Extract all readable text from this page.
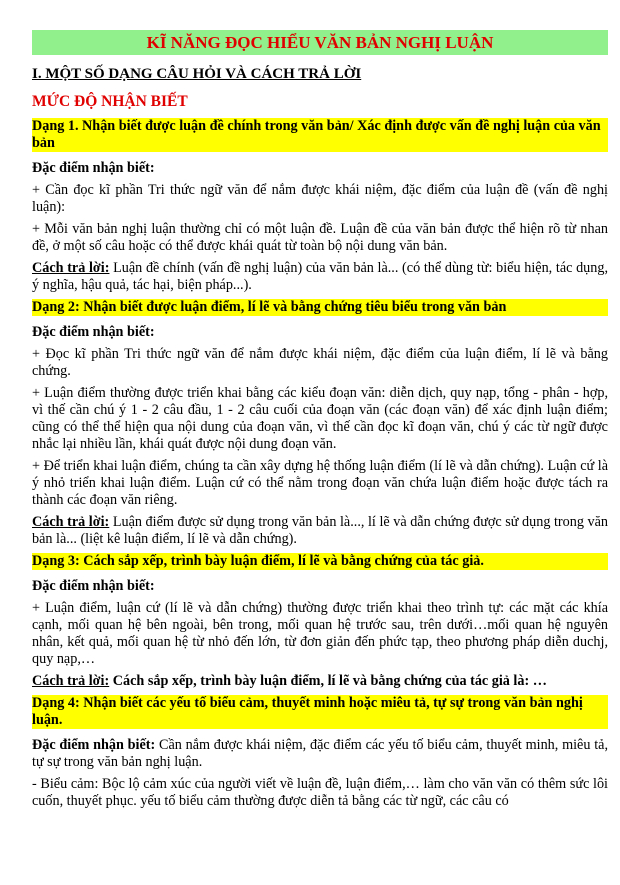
KĨ NĂNG ĐỌC HIỂU VĂN BẢN NGHỊ LUẬN
I. MỘT SỐ DẠNG CÂU HỎI VÀ CÁCH TRẢ LỜI
MỨC ĐỘ NHẬN BIẾT
Dạng 1. Nhận biết được luận đề chính trong văn bản/ Xác định được vấn đề nghị luận của văn bản
Đặc điểm nhận biết:
+ Cần đọc kĩ phần Tri thức ngữ văn để nắm được khái niệm, đặc điểm của luận đề (vấn đề nghị luận):
+ Mỗi văn bản nghị luận thường chỉ có một luận đề. Luận đề của văn bản được thể hiện rõ từ nhan đề, ở một số câu hoặc có thể được khái quát từ toàn bộ nội dung văn bản.
Cách trả lời: Luận đề chính (vấn đề nghị luận) của văn bản là... (có thể dùng từ: biểu hiện, tác dụng, ý nghĩa, hậu quả, tác hại, biện pháp...).
Dạng 2: Nhận biết được luận điểm, lí lẽ và bằng chứng tiêu biểu trong văn bản
Đặc điểm nhận biết:
+ Đọc kĩ phần Tri thức ngữ văn để nắm được khái niệm, đặc điểm của luận điểm, lí lẽ và bằng chứng.
+ Luận điểm thường được triển khai bằng các kiểu đoạn văn: diễn dịch, quy nạp, tổng - phân - hợp, vì thế cần chú ý 1 - 2 câu đầu, 1 - 2 câu cuối của đoạn văn (các đoạn văn) để xác định luận điểm; cũng có thể thể hiện qua nội dung của đoạn văn, vì thế cần đọc kĩ đoạn văn, chú ý các từ ngữ được nhắc lại nhiều lần, khái quát được nội dung đoạn văn.
+ Để triển khai luận điểm, chúng ta cần xây dựng hệ thống luận điểm (lí lẽ và dẫn chứng). Luận cứ là ý nhỏ triển khai luận điểm. Luận cứ có thể nằm trong đoạn văn chứa luận điểm hoặc được tách ra thành các đoạn văn riêng.
Cách trả lời: Luận điểm được sử dụng trong văn bản là..., lí lẽ và dẫn chứng được sử dụng trong văn bản là... (liệt kê luận điểm, lí lẽ và dẫn chứng).
Dạng 3: Cách sắp xếp, trình bày luận điểm, lí lẽ và bằng chứng của tác giả.
Đặc điểm nhận biết:
+ Luận điểm, luận cứ (lí lẽ và dẫn chứng) thường được triển khai theo trình tự: các mặt các khía cạnh, mối quan hệ bên ngoài, bên trong, mối quan hệ trước sau, trên dưới…mối quan hệ nguyên nhân, kết quả, mối quan hệ từ nhỏ đến lớn, từ đơn giản đến phức tạp, theo phương pháp diễn duchj, quy nạp,…
Cách trả lời: Cách sắp xếp, trình bày luận điểm, lí lẽ và bằng chứng của tác giả là: …
Dạng 4: Nhận biết các yếu tố biểu cảm, thuyết minh hoặc miêu tả, tự sự trong văn bản nghị luận.
Đặc điểm nhận biết: Cần nắm được khái niệm, đặc điểm các yếu tố biểu cảm, thuyết minh, miêu tả, tự sự trong văn bản nghị luận.
- Biểu cảm: Bộc lộ cảm xúc của người viết về luận đề, luận điểm,… làm cho văn văn có thêm sức lôi cuốn, thuyết phục. yếu tố biểu cảm thường được diễn tả bằng các từ ngữ, các câu có
